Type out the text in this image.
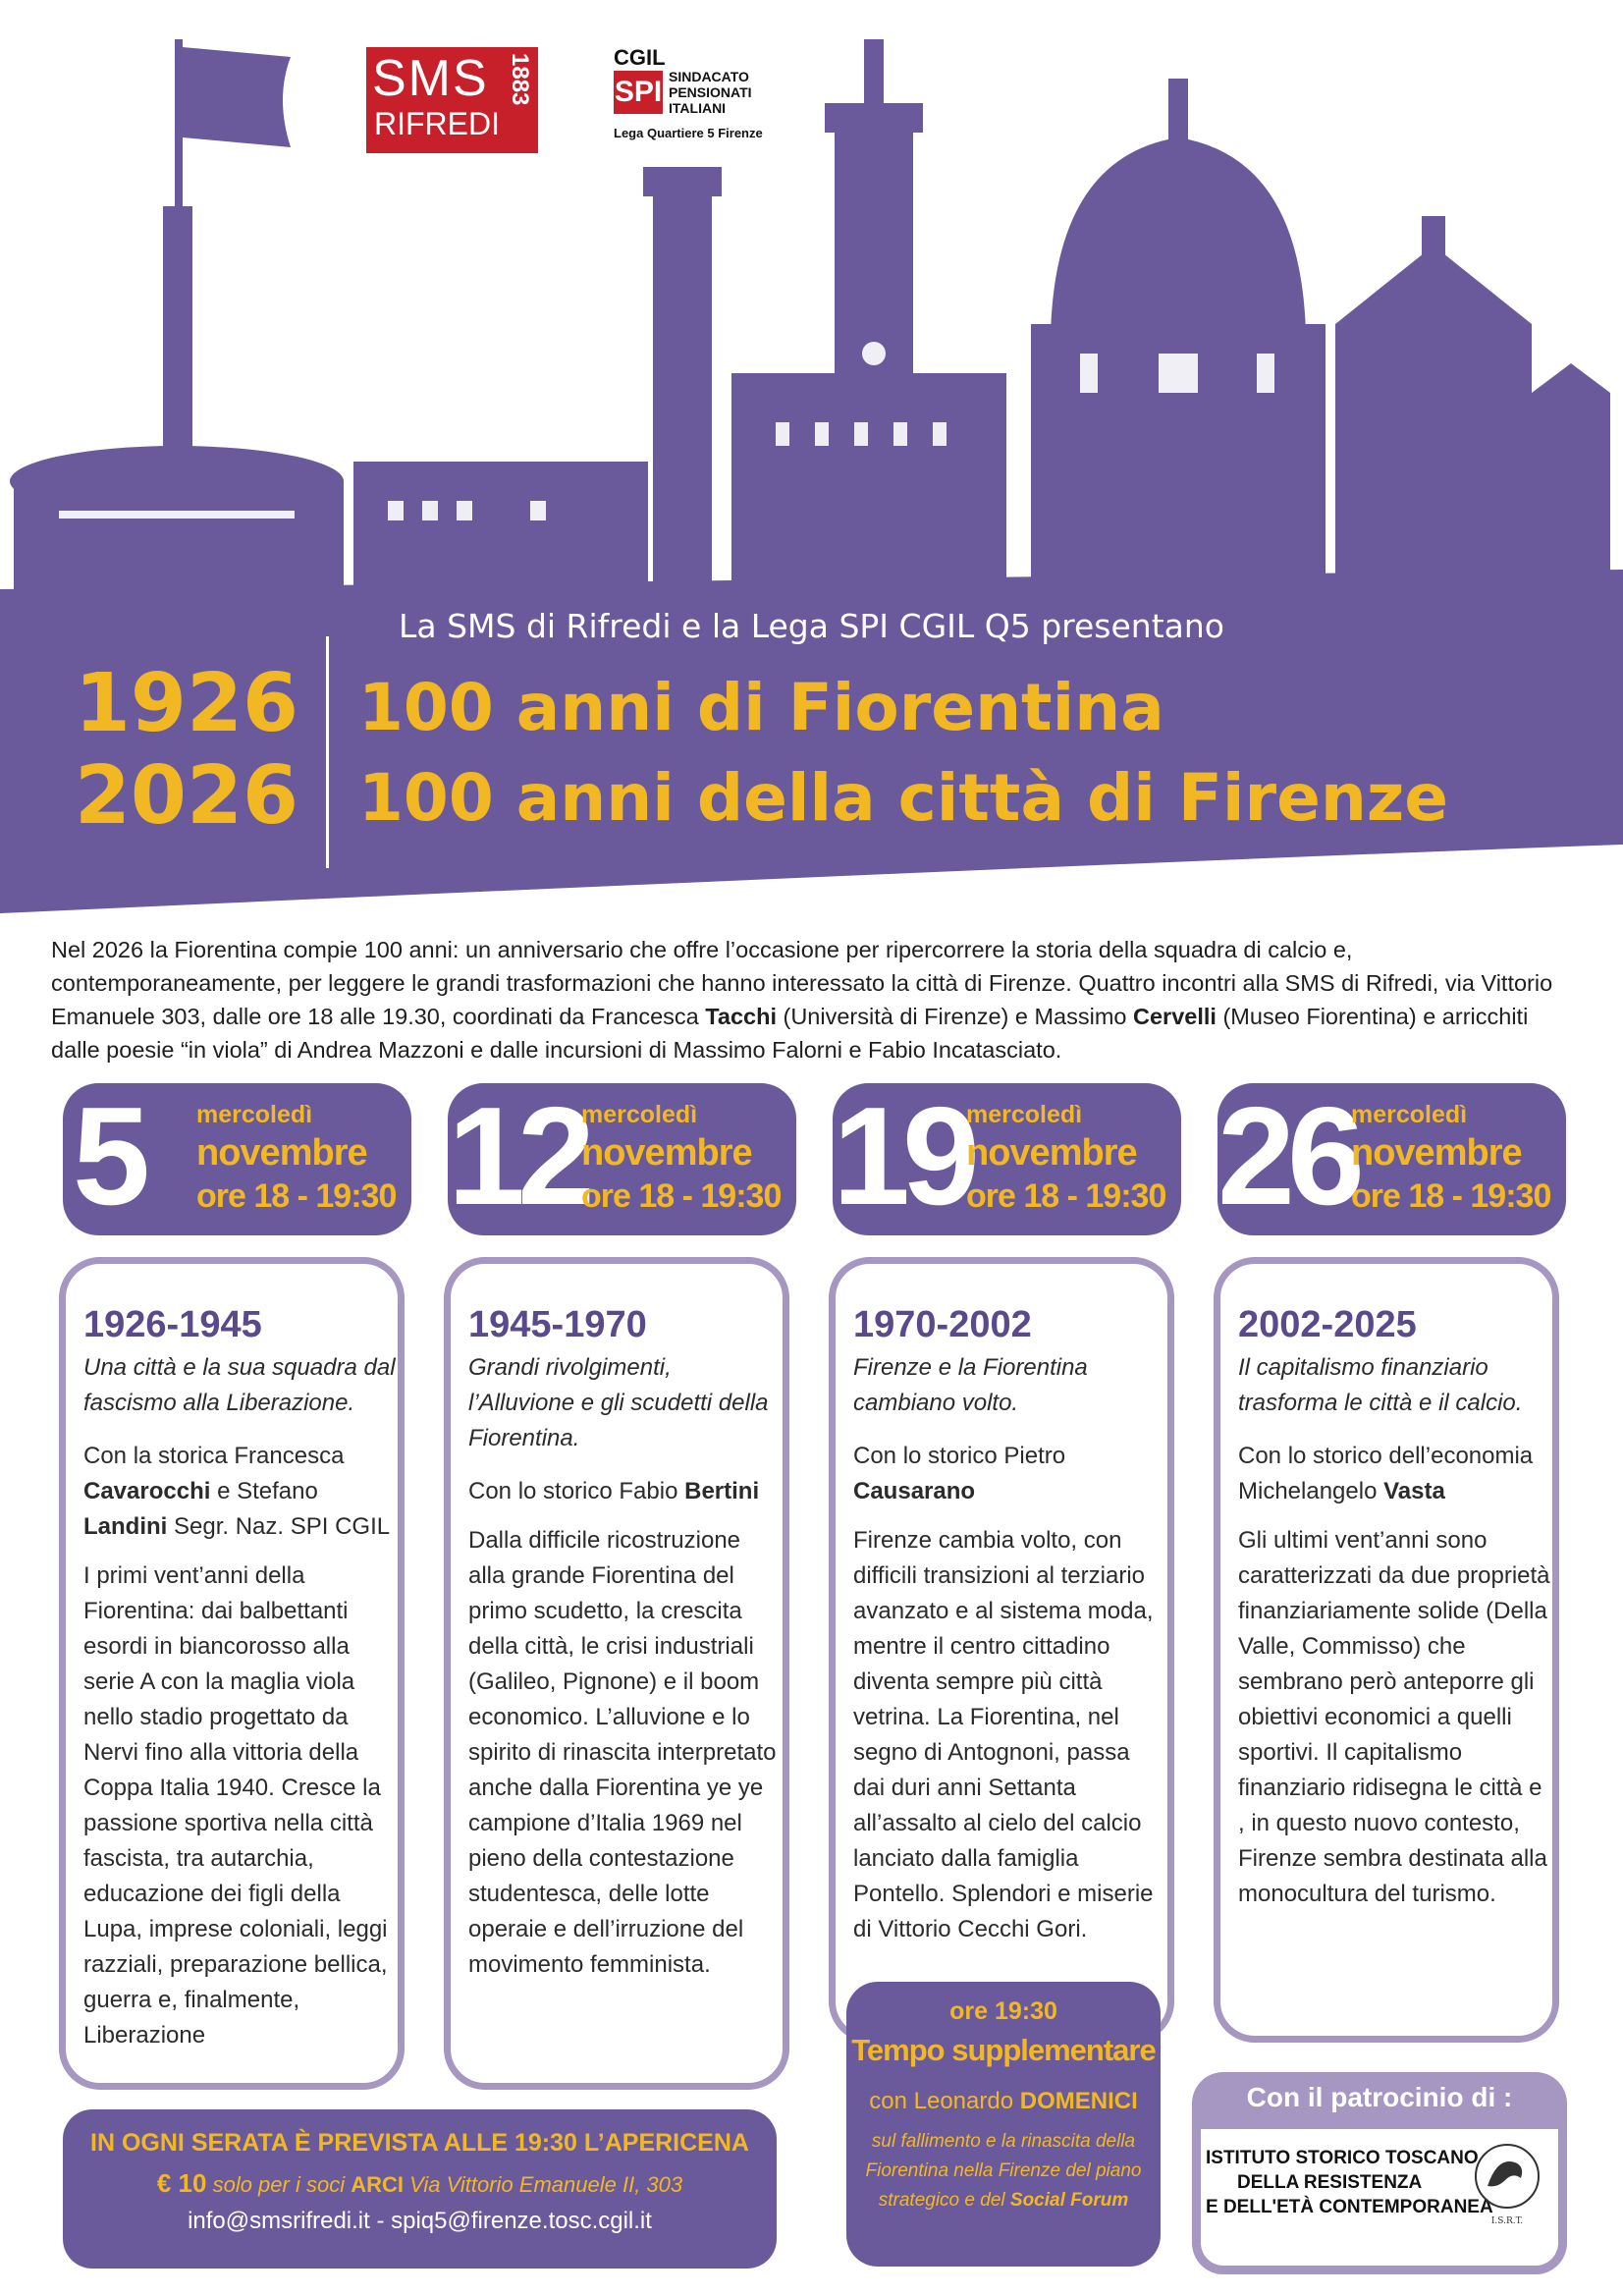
SMS
RIFREDI
1883	CGIL
SPI SINDACATO
PENSIONATI
ITALIANI
Lega Quartiere 5 Firenze
La SMS di Rifredi e la Lega SPI CGIL Q5 presentano
1926
2026
100 anni di Fiorentina
100 anni della città di Firenze
Nel 2026 la Fiorentina compie 100 anni: un anniversario che offre l’occasione per ripercorrere la storia della squadra di calcio e, contemporaneamente, per leggere le grandi trasformazioni che hanno interessato la città di Firenze. Quattro incontri alla SMS di Rifredi, via Vittorio Emanuele 303, dalle ore 18 alle 19.30, coordinati da Francesca Tacchi (Università di Firenze) e Massimo Cervelli (Museo Fiorentina) e arricchiti dalle poesie “in viola” di Andrea Mazzoni e dalle incursioni di Massimo Falorni e Fabio Incatasciato.
5 mercoledì
novembre
ore 18 - 19:30 12
mercoledì
novembre
ore 18 - 19:30 19
mercoledì
novembre
ore 18 - 19:30 26
mercoledì
novembre
ore 18 - 19:30
1926-1945
Una città e la sua squadra dal fascismo alla Liberazione.
Con la storica Francesca Cavarocchi e Stefano Landini Segr. Naz. SPI CGIL
I primi vent’anni della Fiorentina: dai balbettanti esordi in biancorosso alla serie A con la maglia viola nello stadio progettato da Nervi fino alla vittoria della Coppa Italia 1940. Cresce la passione sportiva nella città fascista, tra autarchia, educazione dei figli della Lupa, imprese coloniali, leggi razziali, preparazione bellica, guerra e, finalmente, Liberazione
1945-1970
Grandi rivolgimenti, l’Alluvione e gli scudetti della Fiorentina.
Con lo storico Fabio Bertini
Dalla difficile ricostruzione alla grande Fiorentina del primo scudetto, la crescita della città, le crisi industriali (Galileo, Pignone) e il boom economico. L’alluvione e lo spirito di rinascita interpretato anche dalla Fiorentina ye ye campione d’Italia 1969 nel pieno della contestazione studentesca, delle lotte operaie e dell’irruzione del movimento femminista.
1970-2002
Firenze e la Fiorentina cambiano volto.
Con lo storico Pietro Causarano
Firenze cambia volto, con difficili transizioni al terziario avanzato e al sistema moda, mentre il centro cittadino diventa sempre più città vetrina. La Fiorentina, nel segno di Antognoni, passa dai duri anni Settanta all’assalto al cielo del calcio lanciato dalla famiglia Pontello. Splendori e miserie di Vittorio Cecchi Gori.
2002-2025
Il capitalismo finanziario trasforma le città e il calcio.
Con lo storico dell’economia Michelangelo Vasta
Gli ultimi vent’anni sono caratterizzati da due proprietà finanziariamente solide (Della Valle, Commisso) che sembrano però anteporre gli obiettivi economici a quelli sportivi. Il capitalismo finanziario ridisegna le città e , in questo nuovo contesto, Firenze sembra destinata alla monocultura del turismo.
ore 19:30
Tempo supplementare
con Leonardo DOMENICI
sul fallimento e la rinascita della Fiorentina nella Firenze del piano strategico e del Social Forum
IN OGNI SERATA È PREVISTA ALLE 19:30 L’APERICENA
€ 10 solo per i soci ARCI Via Vittorio Emanuele II, 303
info@smsrifredi.it - spiq5@firenze.tosc.cgil.it
Con il patrocinio di :
ISTITUTO STORICO TOSCANO
DELLA RESISTENZA
E DELL'ETÀ CONTEMPORANEA
I.S.R.T.
